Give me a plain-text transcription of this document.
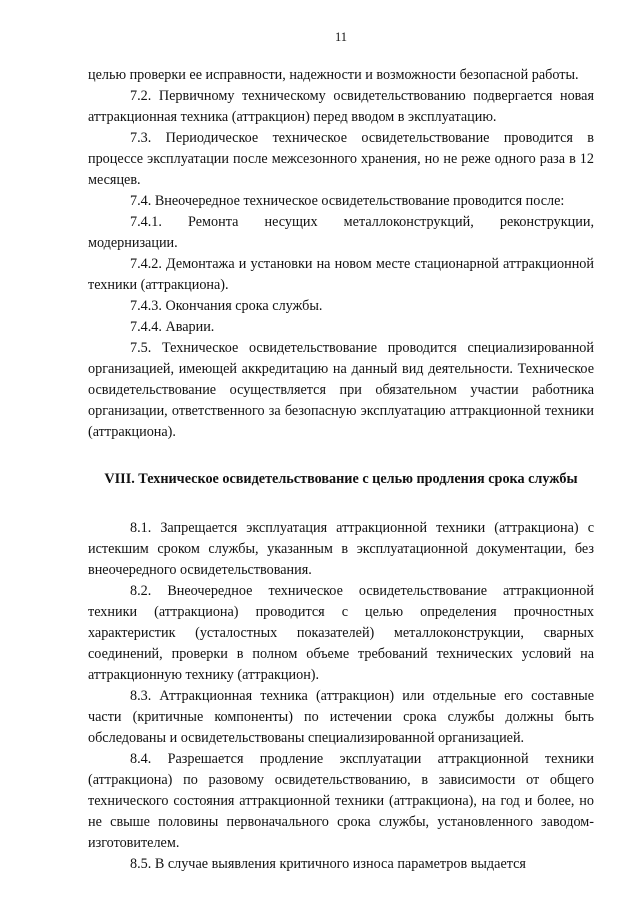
11

целью проверки ее исправности, надежности и возможности безопасной работы.

7.2. Первичному техническому освидетельствованию подвергается новая аттракционная техника (аттракцион) перед вводом в эксплуатацию.

7.3. Периодическое техническое освидетельствование проводится в процессе эксплуатации после межсезонного хранения, но не реже одного раза в 12 месяцев.

7.4. Внеочередное техническое освидетельствование проводится после:

7.4.1. Ремонта несущих металлоконструкций, реконструкции, модернизации.

7.4.2. Демонтажа и установки на новом месте стационарной аттракционной техники (аттракциона).

7.4.3. Окончания срока службы.

7.4.4. Аварии.

7.5. Техническое освидетельствование проводится специализированной организацией, имеющей аккредитацию на данный вид деятельности. Техническое освидетельствование осуществляется при обязательном участии работника организации, ответственного за безопасную эксплуатацию аттракционной техники (аттракциона).

VIII. Техническое освидетельствование с целью продления срока службы

8.1. Запрещается эксплуатация аттракционной техники (аттракциона) с истекшим сроком службы, указанным в эксплуатационной документации, без внеочередного освидетельствования.

8.2. Внеочередное техническое освидетельствование аттракционной техники (аттракциона) проводится с целью определения прочностных характеристик (усталостных показателей) металлоконструкции, сварных соединений, проверки в полном объеме требований технических условий на аттракционную технику (аттракцион).

8.3. Аттракционная техника (аттракцион) или отдельные его составные части (критичные компоненты) по истечении срока службы должны быть обследованы и освидетельствованы специализированной организацией.

8.4. Разрешается продление эксплуатации аттракционной техники (аттракциона) по разовому освидетельствованию, в зависимости от общего технического состояния аттракционной техники (аттракциона), на год и более, но не свыше половины первоначального срока службы, установленного заводом-изготовителем.

8.5. В случае выявления критичного износа параметров выдается
